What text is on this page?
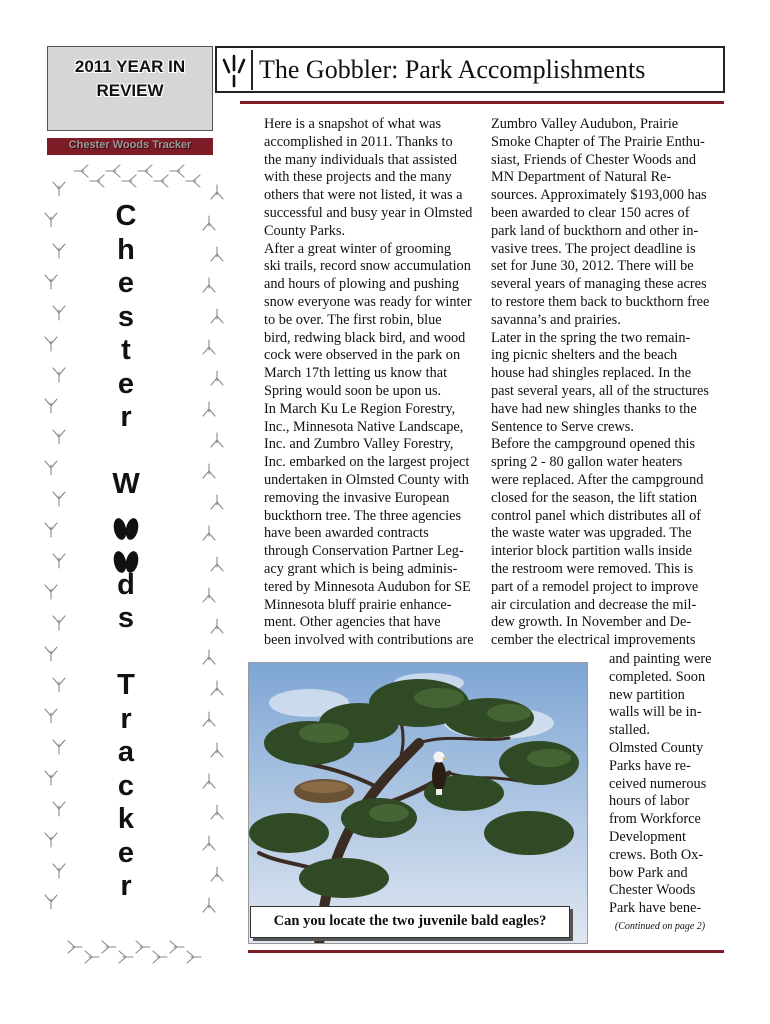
2011 YEAR IN
REVIEW
Chester Woods Tracker
The Gobbler: Park Accomplishments
C
h
e
s
t
e
r
W
d
s
T
r
a
c
k
e
r

Here is a snapshot of what was
accomplished in 2011. Thanks to
the many individuals that assisted
with these projects and the many
others that were not listed, it was a
successful and busy year in Olmsted
County Parks.

After a great winter of grooming
ski trails, record snow accumulation
and hours of plowing and pushing
snow everyone was ready for winter
to be over. The first robin, blue
bird, redwing black bird, and wood
cock were observed in the park on
March 17th letting us know that
Spring would soon be upon us.

In March Ku Le Region Forestry,
Inc., Minnesota Native Landscape,
Inc. and Zumbro Valley Forestry,
Inc. embarked on the largest project
undertaken in Olmsted County with
removing the invasive European
buckthorn tree. The three agencies
have been awarded contracts
through Conservation Partner Leg-
acy grant which is being adminis-
tered by Minnesota Audubon for SE
Minnesota bluff prairie enhance-
ment. Other agencies that have
been involved with contributions are

Zumbro Valley Audubon, Prairie
Smoke Chapter of The Prairie Enthu-
siast, Friends of Chester Woods and
MN Department of Natural Re-
sources. Approximately $193,000 has
been awarded to clear 150 acres of
park land of buckthorn and other in-
vasive trees. The project deadline is
set for June 30, 2012. There will be
several years of managing these acres
to restore them back to buckthorn free
savanna’s and prairies.

Later in the spring the two remain-
ing picnic shelters and the beach
house had shingles replaced. In the
past several years, all of the structures
have had new shingles thanks to the
Sentence to Serve crews.

Before the campground opened this
spring 2 - 80 gallon water heaters
were replaced. After the campground
closed for the season, the lift station
control panel which distributes all of
the waste water was upgraded. The
interior block partition walls inside
the restroom were removed. This is
part of a remodel project to improve
air circulation and decrease the mil-
dew growth. In November and De-
cember the electrical improvements

and painting were
completed. Soon
new partition
walls will be in-
stalled.

Olmsted County
Parks have re-
ceived numerous
hours of labor
from Workforce
Development
crews. Both Ox-
bow Park and
Chester Woods
Park have bene-

Can you locate the two juvenile bald eagles?	(Continued on page 2)
